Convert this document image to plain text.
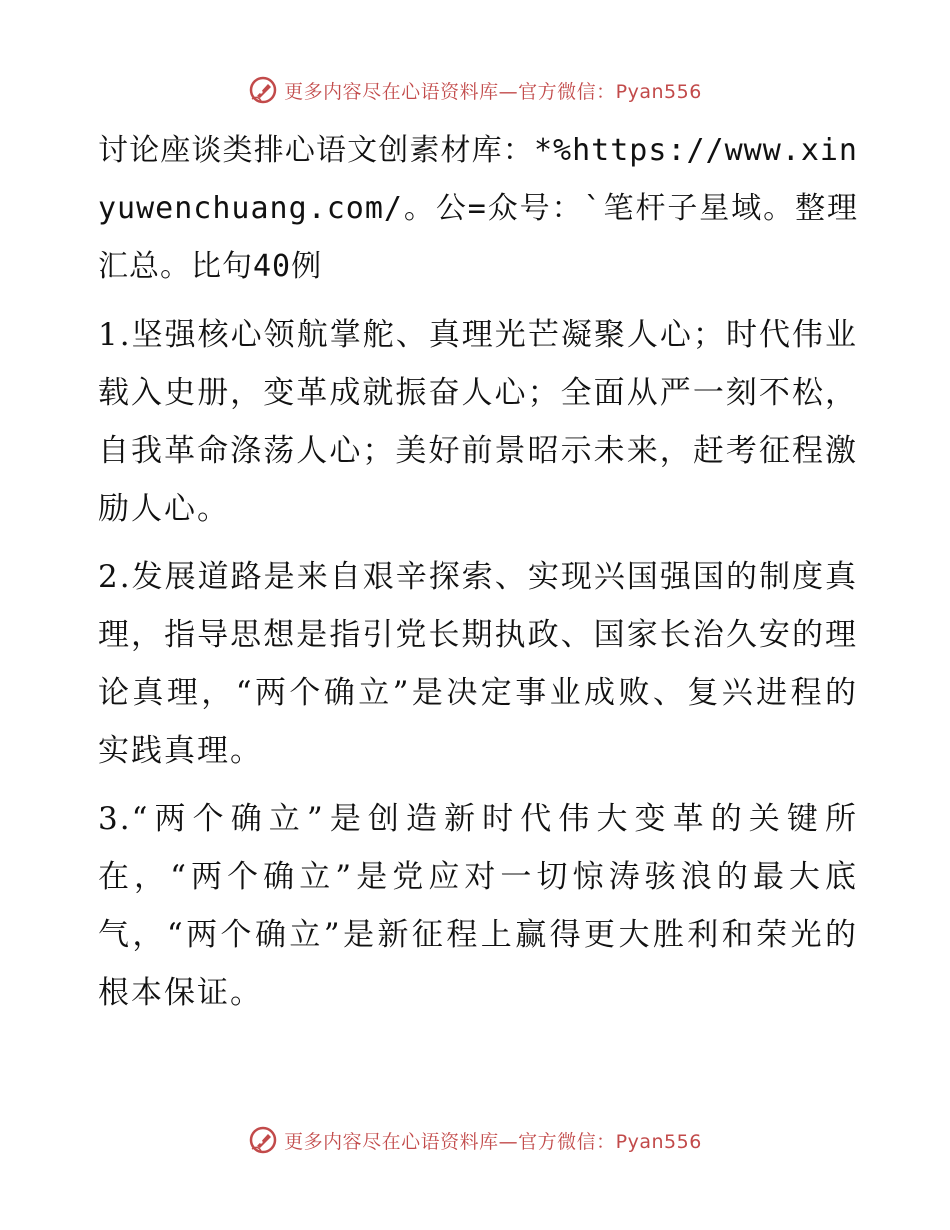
更多内容尽在心语资料库—官方微信：Pyan556

讨论座谈类排心语文创素材库：*%https://www.xinyuwenchuang.com/。公=众号：`笔杆子星域。整理汇总。比句40例

1.坚强核心领航掌舵、真理光芒凝聚人心；时代伟业载入史册，变革成就振奋人心；全面从严一刻不松，自我革命涤荡人心；美好前景昭示未来，赶考征程激励人心。

2.发展道路是来自艰辛探索、实现兴国强国的制度真理，指导思想是指引党长期执政、国家长治久安的理论真理，“两个确立”是决定事业成败、复兴进程的实践真理。

3.“两个确立”是创造新时代伟大变革的关键所在，“两个确立”是党应对一切惊涛骇浪的最大底气，“两个确立”是新征程上赢得更大胜利和荣光的根本保证。

更多内容尽在心语资料库—官方微信：Pyan556
